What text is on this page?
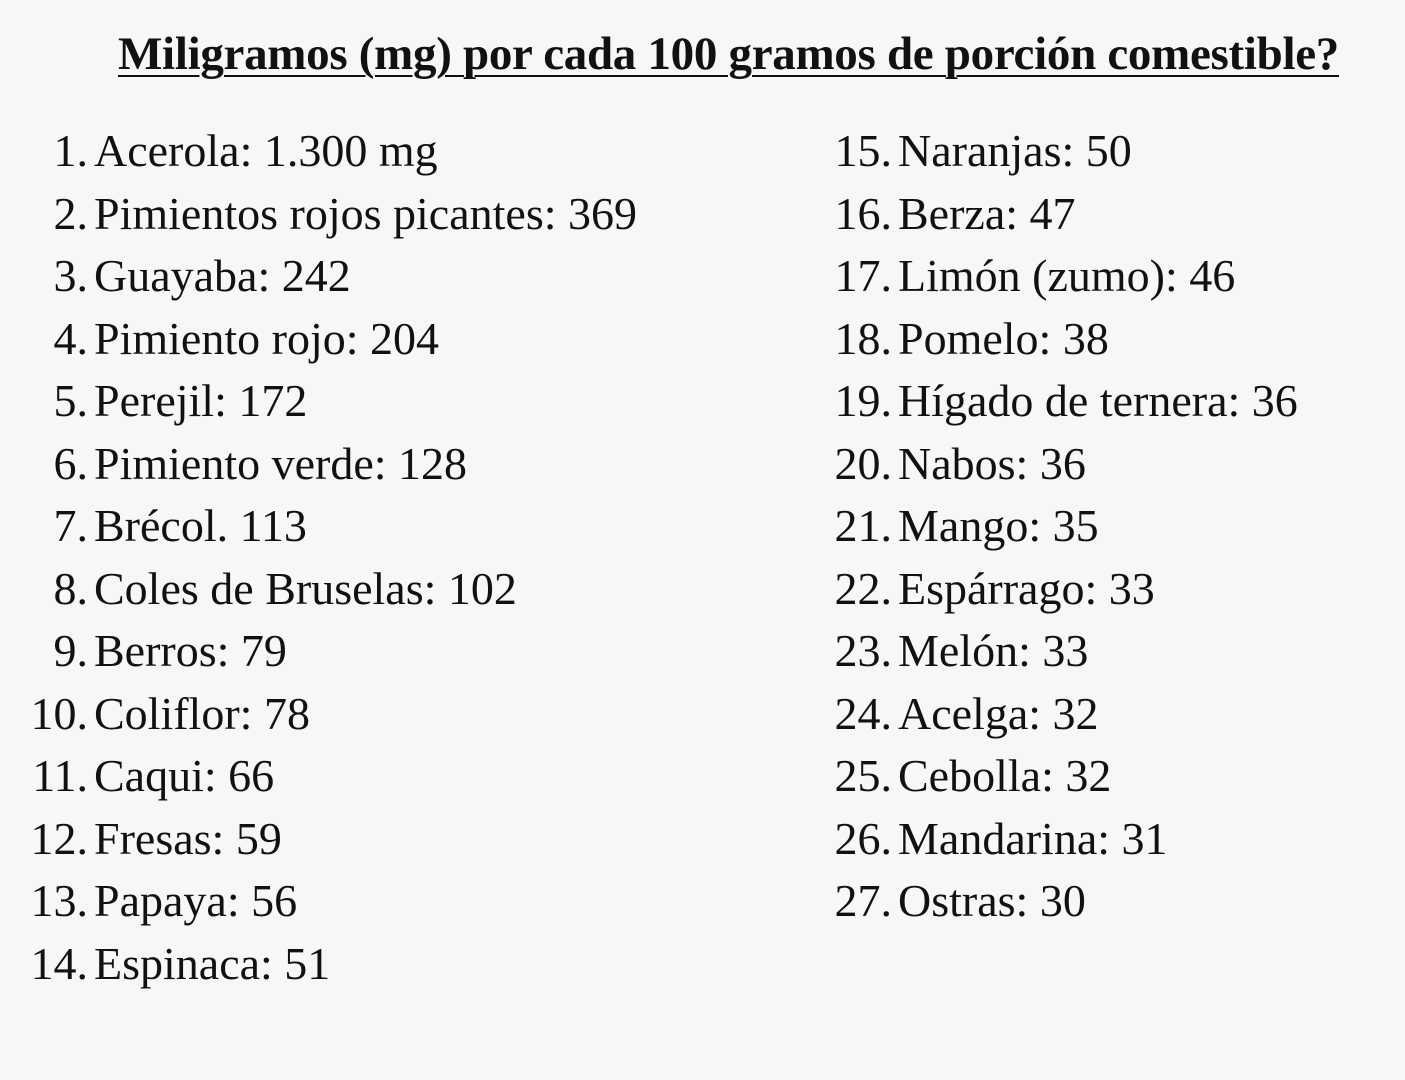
Miligramos (mg) por cada 100 gramos de porción comestible?
1. Acerola: 1.300 mg
2. Pimientos rojos picantes: 369
3. Guayaba: 242
4. Pimiento rojo: 204
5. Perejil: 172
6. Pimiento verde: 128
7. Brécol. 113
8. Coles de Bruselas: 102
9. Berros: 79
10. Coliflor: 78
11. Caqui: 66
12. Fresas: 59
13. Papaya: 56
14. Espinaca: 51
15. Naranjas: 50
16. Berza: 47
17. Limón (zumo): 46
18. Pomelo: 38
19. Hígado de ternera: 36
20. Nabos: 36
21. Mango: 35
22. Espárrago: 33
23. Melón: 33
24. Acelga: 32
25. Cebolla: 32
26. Mandarina: 31
27. Ostras: 30
